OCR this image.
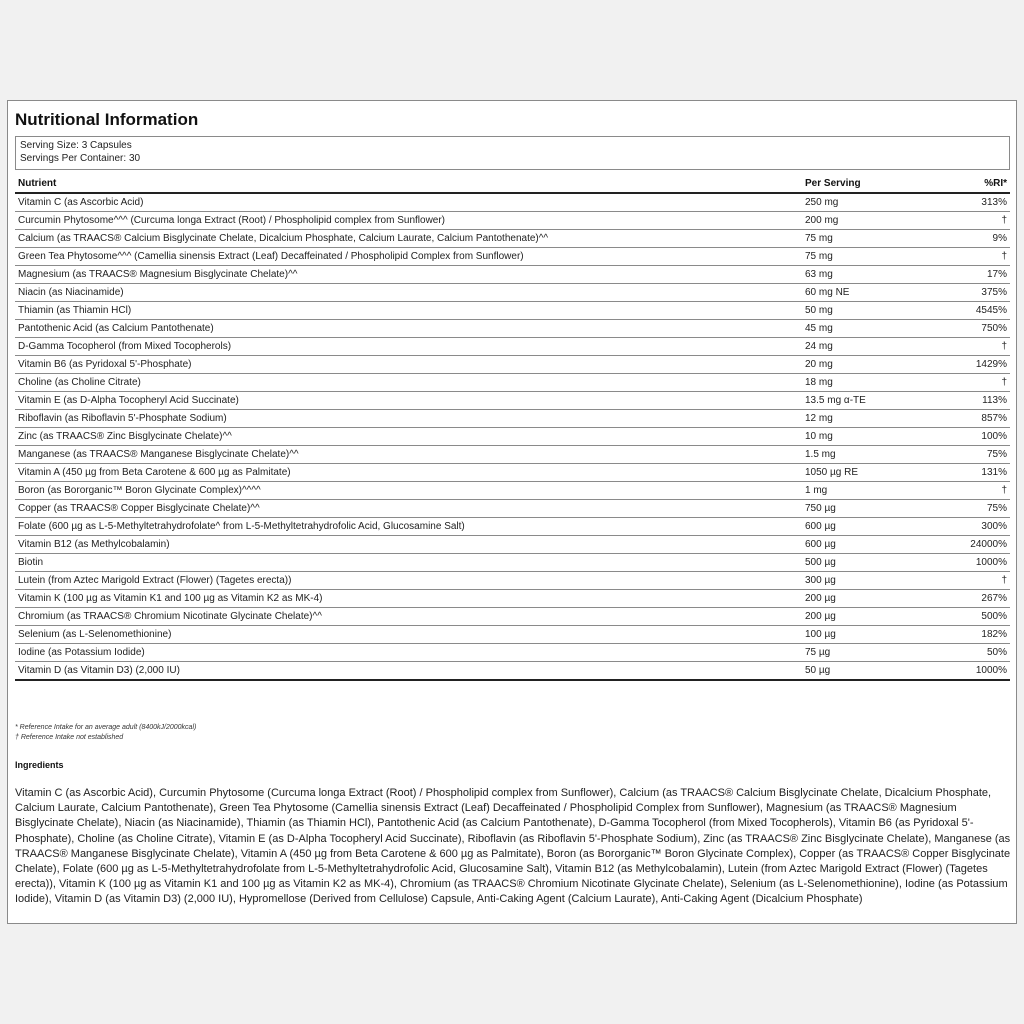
Nutritional Information
Serving Size: 3 Capsules
Servings Per Container: 30
Nutrient	Per Serving	%RI*
Vitamin C (as Ascorbic Acid)	250 mg	313%
Curcumin Phytosome^^^ (Curcuma longa Extract (Root) / Phospholipid complex from Sunflower)	200 mg	†
Calcium (as TRAACS® Calcium Bisglycinate Chelate, Dicalcium Phosphate, Calcium Laurate, Calcium Pantothenate)^^	75 mg	9%
Green Tea Phytosome^^^ (Camellia sinensis Extract (Leaf) Decaffeinated / Phospholipid Complex from Sunflower)	75 mg	†
Magnesium (as TRAACS® Magnesium Bisglycinate Chelate)^^	63 mg	17%
Niacin (as Niacinamide)	60 mg NE	375%
Thiamin (as Thiamin HCl)	50 mg	4545%
Pantothenic Acid (as Calcium Pantothenate)	45 mg	750%
D-Gamma Tocopherol (from Mixed Tocopherols)	24 mg	†
Vitamin B6 (as Pyridoxal 5'-Phosphate)	20 mg	1429%
Choline (as Choline Citrate)	18 mg	†
Vitamin E (as D-Alpha Tocopheryl Acid Succinate)	13.5 mg α-TE	113%
Riboflavin (as Riboflavin 5'-Phosphate Sodium)	12 mg	857%
Zinc (as TRAACS® Zinc Bisglycinate Chelate)^^	10 mg	100%
Manganese (as TRAACS® Manganese Bisglycinate Chelate)^^	1.5 mg	75%
Vitamin A (450 µg from Beta Carotene & 600 µg as Palmitate)	1050 µg RE	131%
Boron (as Bororganic™ Boron Glycinate Complex)^^^^	1 mg	†
Copper (as TRAACS® Copper Bisglycinate Chelate)^^	750 µg	75%
Folate (600 µg as L-5-Methyltetrahydrofolate^ from L-5-Methyltetrahydrofolic Acid, Glucosamine Salt)	600 µg	300%
Vitamin B12 (as Methylcobalamin)	600 µg	24000%
Biotin	500 µg	1000%
Lutein (from Aztec Marigold Extract (Flower) (Tagetes erecta))	300 µg	†
Vitamin K (100 µg as Vitamin K1 and 100 µg as Vitamin K2 as MK-4)	200 µg	267%
Chromium (as TRAACS® Chromium Nicotinate Glycinate Chelate)^^	200 µg	500%
Selenium (as L-Selenomethionine)	100 µg	182%
Iodine (as Potassium Iodide)	75 µg	50%
Vitamin D (as Vitamin D3) (2,000 IU)	50 µg	1000%
* Reference Intake for an average adult (8400kJ/2000kcal)
† Reference Intake not established
Ingredients

Vitamin C (as Ascorbic Acid), Curcumin Phytosome (Curcuma longa Extract (Root) / Phospholipid complex from Sunflower), Calcium (as TRAACS® Calcium Bisglycinate Chelate, Dicalcium Phosphate, Calcium Laurate, Calcium Pantothenate), Green Tea Phytosome (Camellia sinensis Extract (Leaf) Decaffeinated / Phospholipid Complex from Sunflower), Magnesium (as TRAACS® Magnesium Bisglycinate Chelate), Niacin (as Niacinamide), Thiamin (as Thiamin HCl), Pantothenic Acid (as Calcium Pantothenate), D-Gamma Tocopherol (from Mixed Tocopherols), Vitamin B6 (as Pyridoxal 5'-Phosphate), Choline (as Choline Citrate), Vitamin E (as D-Alpha Tocopheryl Acid Succinate), Riboflavin (as Riboflavin 5'-Phosphate Sodium), Zinc (as TRAACS® Zinc Bisglycinate Chelate), Manganese (as TRAACS® Manganese Bisglycinate Chelate), Vitamin A (450 µg from Beta Carotene & 600 µg as Palmitate), Boron (as Bororganic™ Boron Glycinate Complex), Copper (as TRAACS® Copper Bisglycinate Chelate), Folate (600 µg as L-5-Methyltetrahydrofolate from L-5-Methyltetrahydrofolic Acid, Glucosamine Salt), Vitamin B12 (as Methylcobalamin), Lutein (from Aztec Marigold Extract (Flower) (Tagetes erecta)), Vitamin K (100 µg as Vitamin K1 and 100 µg as Vitamin K2 as MK-4), Chromium (as TRAACS® Chromium Nicotinate Glycinate Chelate), Selenium (as L-Selenomethionine), Iodine (as Potassium Iodide), Vitamin D (as Vitamin D3) (2,000 IU), Hypromellose (Derived from Cellulose) Capsule, Anti-Caking Agent (Calcium Laurate), Anti-Caking Agent (Dicalcium Phosphate)
